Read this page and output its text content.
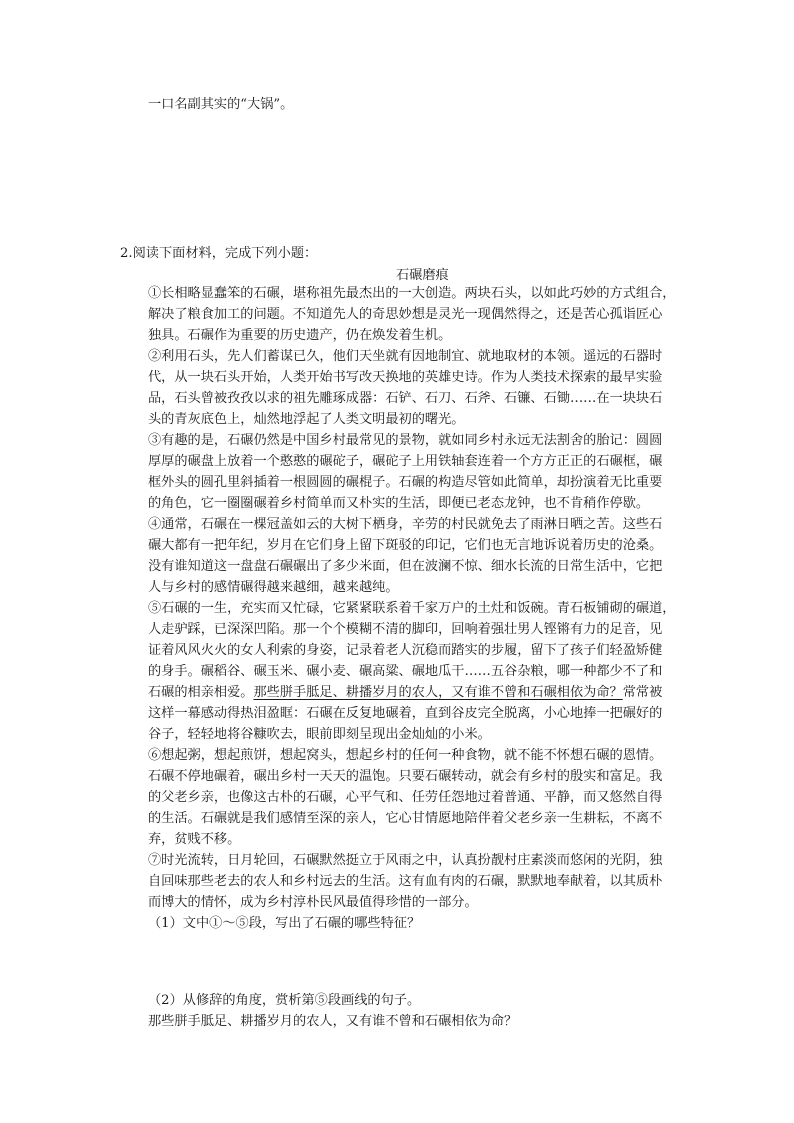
一口名副其实的“大锅”。
2.阅读下面材料，完成下列小题：
石碾磨痕
①长相略显蠢笨的石碾，堪称祖先最杰出的一大创造。两块石头，以如此巧妙的方式组合，
解决了粮食加工的问题。不知道先人的奇思妙想是灵光一现偶然得之，还是苦心孤诣匠心
独具。石碾作为重要的历史遗产，仍在焕发着生机。
②利用石头，先人们蓄谋已久，他们天坐就有因地制宜、就地取材的本领。遥远的石器时
代，从一块石头开始，人类开始书写改天换地的英雄史诗。作为人类技术探索的最早实验
品，石头曾被孜孜以求的祖先雕琢成器：石铲、石刀、石斧、石镰、石锄……在一块块石
头的青灰底色上，灿然地浮起了人类文明最初的曙光。
③有趣的是，石碾仍然是中国乡村最常见的景物，就如同乡村永远无法割舍的胎记：圆圆
厚厚的碾盘上放着一个憨憨的碾砣子，碾砣子上用铁轴套连着一个方方正正的石碾框，碾
框外头的圆孔里斜插着一根圆圆的碾棍子。石碾的构造尽管如此简单，却扮演着无比重要
的角色，它一圈圈碾着乡村简单而又朴实的生活，即便已老态龙钟，也不肯稍作停歇。
④通常，石碾在一棵冠盖如云的大树下栖身，辛劳的村民就免去了雨淋日晒之苦。这些石
碾大都有一把年纪，岁月在它们身上留下斑驳的印记，它们也无言地诉说着历史的沧桑。
没有谁知道这一盘盘石碾碾出了多少米面，但在波澜不惊、细水长流的日常生活中，它把
人与乡村的感情碾得越来越细，越来越纯。
⑤石碾的一生，充实而又忙碌，它紧紧联系着千家万户的土灶和饭碗。青石板铺砌的碾道，
人走驴踩，已深深凹陷。那一个个模糊不清的脚印，回响着强壮男人铿锵有力的足音，见
证着风风火火的女人利索的身姿，记录着老人沉稳而踏实的步履，留下了孩子们轻盈矫健
的身手。碾稻谷、碾玉米、碾小麦、碾高粱、碾地瓜干……五谷杂粮，哪一种都少不了和
石碾的相亲相爱。那些胼手胝足、耕播岁月的农人，又有谁不曾和石碾相依为命？常常被
这样一幕感动得热泪盈眶：石碾在反复地碾着，直到谷皮完全脱离，小心地捧一把碾好的
谷子，轻轻地将谷糠吹去，眼前即刻呈现出金灿灿的小米。
⑥想起粥，想起煎饼，想起窝头，想起乡村的任何一种食物，就不能不怀想石碾的恩情。
石碾不停地碾着，碾出乡村一天天的温饱。只要石碾转动，就会有乡村的殷实和富足。我
的父老乡亲，也像这古朴的石碾，心平气和、任劳任怨地过着普通、平静，而又悠然自得
的生活。石碾就是我们感情至深的亲人，它心甘情愿地陪伴着父老乡亲一生耕耘，不离不
弃，贫贱不移。
⑦时光流转，日月轮回，石碾默然挺立于风雨之中，认真扮靓村庄素淡而悠闲的光阴，独
自回味那些老去的农人和乡村远去的生活。这有血有肉的石碾，默默地奉献着，以其质朴
而博大的情怀，成为乡村淳朴民风最值得珍惜的一部分。
（1）文中①～⑤段，写出了石碾的哪些特征？
（2）从修辞的角度，赏析第⑤段画线的句子。
那些胼手胝足、耕播岁月的农人，又有谁不曾和石碾相依为命？
